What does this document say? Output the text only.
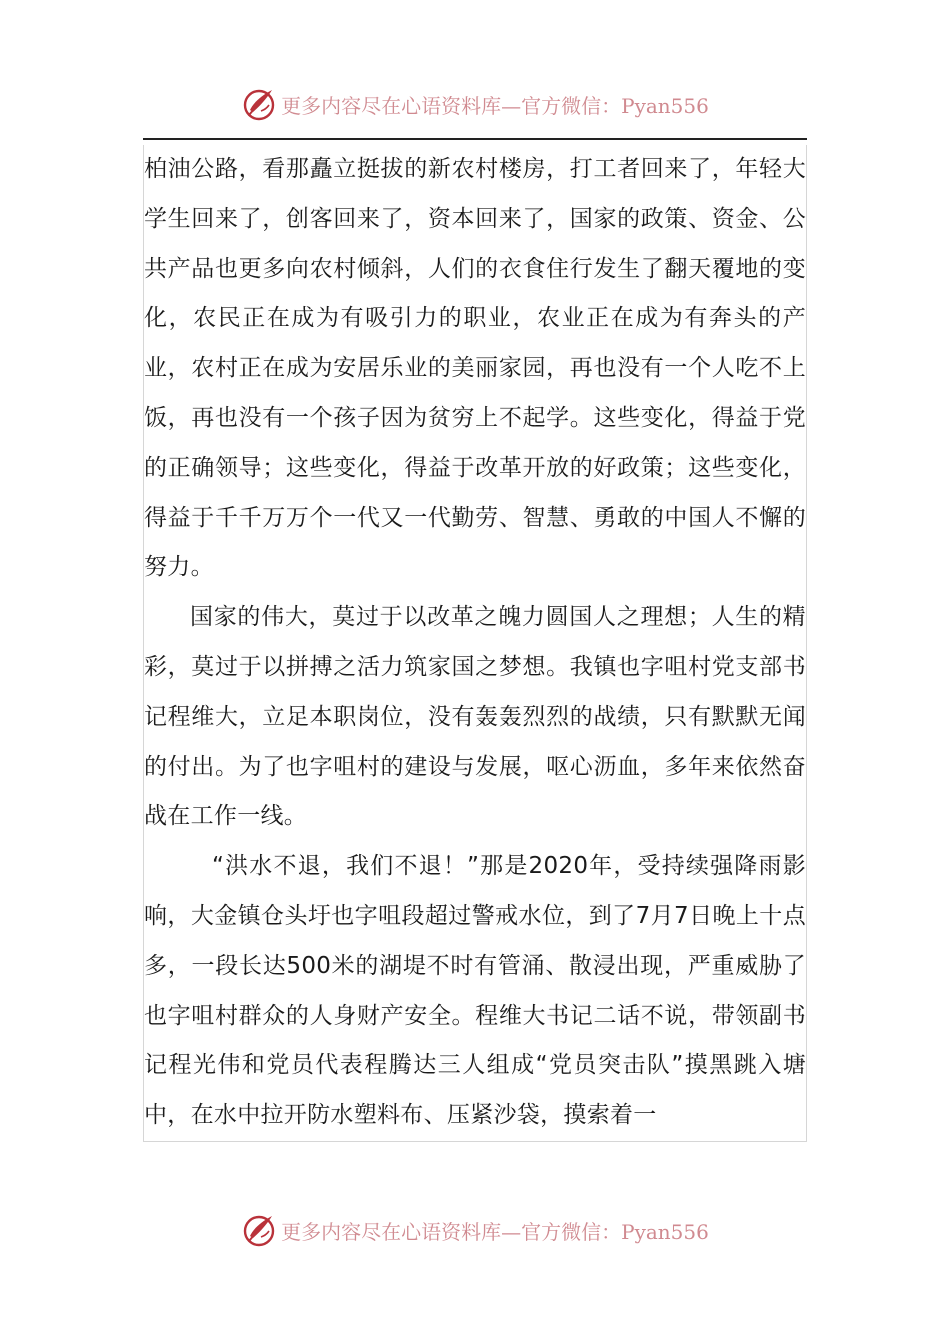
更多内容尽在心语资料库—官方微信：Pyan556

柏油公路，看那矗立挺拔的新农村楼房，打工者回来了，年轻大学生回来了，创客回来了，资本回来了，国家的政策、资金、公共产品也更多向农村倾斜，人们的衣食住行发生了翻天覆地的变化，农民正在成为有吸引力的职业，农业正在成为有奔头的产业，农村正在成为安居乐业的美丽家园，再也没有一个人吃不上饭，再也没有一个孩子因为贫穷上不起学。这些变化，得益于党的正确领导；这些变化，得益于改革开放的好政策；这些变化，得益于千千万万个一代又一代勤劳、智慧、勇敢的中国人不懈的努力。

国家的伟大，莫过于以改革之魄力圆国人之理想；人生的精彩，莫过于以拼搏之活力筑家国之梦想。我镇也字咀村党支部书记程维大，立足本职岗位，没有轰轰烈烈的战绩，只有默默无闻的付出。为了也字咀村的建设与发展，呕心沥血，多年来依然奋战在工作一线。

“洪水不退，我们不退！”那是2020年，受持续强降雨影响，大金镇仓头圩也字咀段超过警戒水位，到了7月7日晚上十点多，一段长达500米的湖堤不时有管涌、散浸出现，严重威胁了也字咀村群众的人身财产安全。程维大书记二话不说，带领副书记程光伟和党员代表程腾达三人组成“党员突击队”摸黑跳入塘中，在水中拉开防水塑料布、压紧沙袋，摸索着一

更多内容尽在心语资料库—官方微信：Pyan556
